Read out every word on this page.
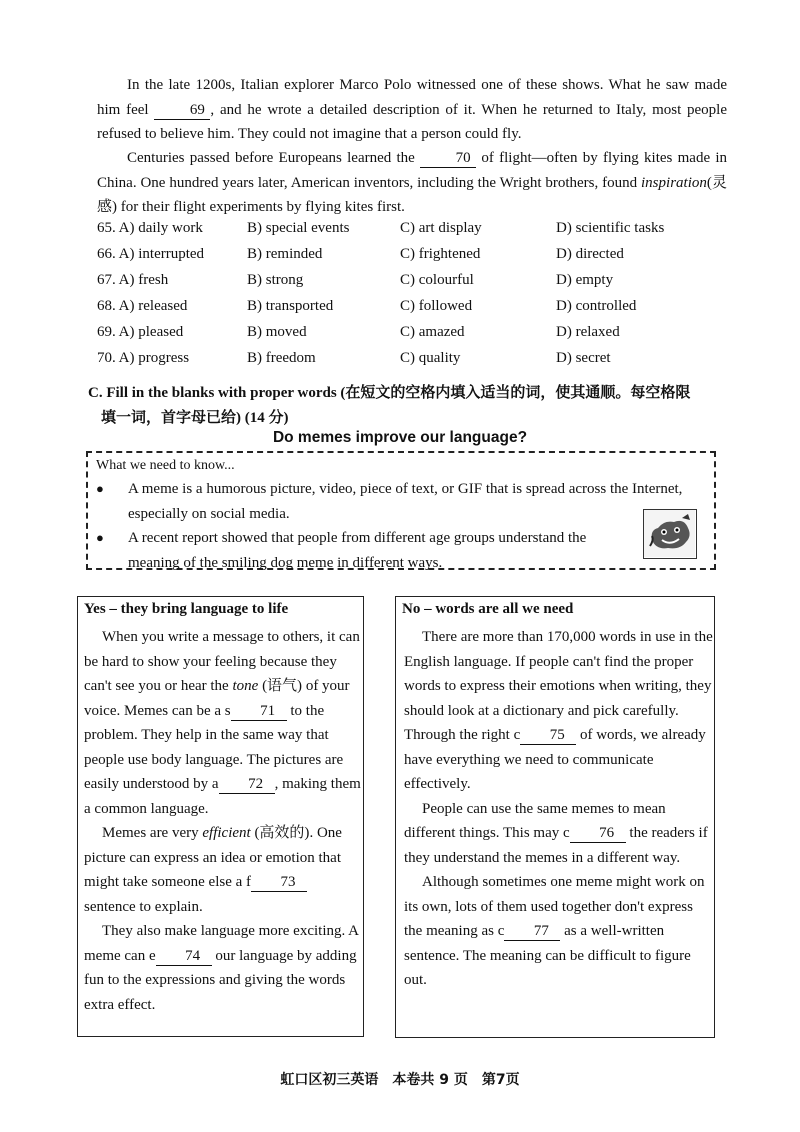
In the late 1200s, Italian explorer Marco Polo witnessed one of these shows. What he saw made him feel	69 , and he wrote a detailed description of it. When he returned to Italy, most people refused to believe him. They could not imagine that a person could fly.
Centuries passed before Europeans learned the	70 of flight—often by flying kites made in China. One hundred years later, American inventors, including the Wright brothers, found inspiration(灵感) for their flight experiments by flying kites first.
65. A) daily work	B) special events	C) art display	D) scientific tasks
66. A) interrupted	B) reminded	C) frightened	D) directed
67. A) fresh	B) strong	C) colourful	D) empty
68. A) released	B) transported	C) followed	D) controlled
69. A) pleased	B) moved	C) amazed	D) relaxed
70. A) progress	B) freedom	C) quality	D) secret
C. Fill in the blanks with proper words (在短文的空格内填入适当的词，使其通顺。每空格限
填一词，首字母已给) (14 分)
Do memes improve our language?
What we need to know...
● A meme is a humorous picture, video, piece of text, or GIF that is spread across the Internet, especially on social media.
● A recent report showed that people from different age groups understand the meaning of the smiling dog meme in different ways.
Yes – they bring language to life

When you write a message to others, it can be hard to show your feeling because they can't see you or hear the tone (语气) of your voice. Memes can be a s 71 to the problem. They help in the same way that people use body language. The pictures are easily understood by a 72 , making them a common language.

Memes are very efficient (高效的). One picture can express an idea or emotion that might take someone else a f 73 sentence to explain.

They also make language more exciting. A meme can e 74 our language by adding fun to the expressions and giving the words extra effect.

No – words are all we need

There are more than 170,000 words in use in the English language. If people can't find the proper words to express their emotions when writing, they should look at a dictionary and pick carefully. Through the right c 75 of words, we already have everything we need to communicate effectively.

People can use the same memes to mean different things. This may c 76 the readers if they understand the memes in a different way.

Although sometimes one meme might work on its own, lots of them used together don't express the meaning as c 77 as a well-written sentence. The meaning can be difficult to figure out.

虹口区初三英语　本卷共 9 页　第7页
